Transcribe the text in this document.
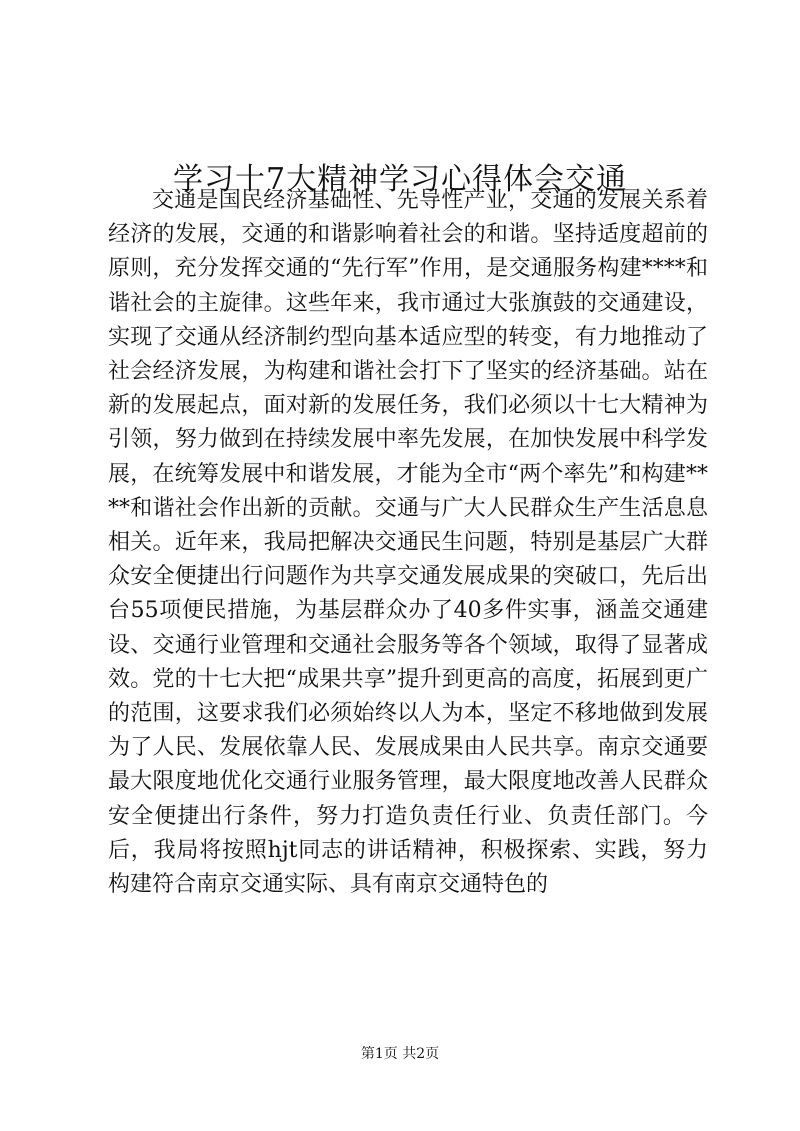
学习十7大精神学习心得体会交通

交通是国民经济基础性、先导性产业，交通的发展关系着经济的发展，交通的和谐影响着社会的和谐。坚持适度超前的原则，充分发挥交通的“先行军”作用，是交通服务构建****和谐社会的主旋律。这些年来，我市通过大张旗鼓的交通建设，实现了交通从经济制约型向基本适应型的转变，有力地推动了社会经济发展，为构建和谐社会打下了坚实的经济基础。站在新的发展起点，面对新的发展任务，我们必须以十七大精神为引领，努力做到在持续发展中率先发展，在加快发展中科学发展，在统筹发展中和谐发展，才能为全市“两个率先”和构建****和谐社会作出新的贡献。交通与广大人民群众生产生活息息相关。近年来，我局把解决交通民生问题，特别是基层广大群众安全便捷出行问题作为共享交通发展成果的突破口，先后出台55项便民措施，为基层群众办了40多件实事，涵盖交通建设、交通行业管理和交通社会服务等各个领域，取得了显著成效。党的十七大把“成果共享”提升到更高的高度，拓展到更广的范围，这要求我们必须始终以人为本，坚定不移地做到发展为了人民、发展依靠人民、发展成果由人民共享。南京交通要最大限度地优化交通行业服务管理，最大限度地改善人民群众安全便捷出行条件，努力打造负责任行业、负责任部门。今后，我局将按照hjt同志的讲话精神，积极探索、实践，努力构建符合南京交通实际、具有南京交通特色的

第1页 共2页
